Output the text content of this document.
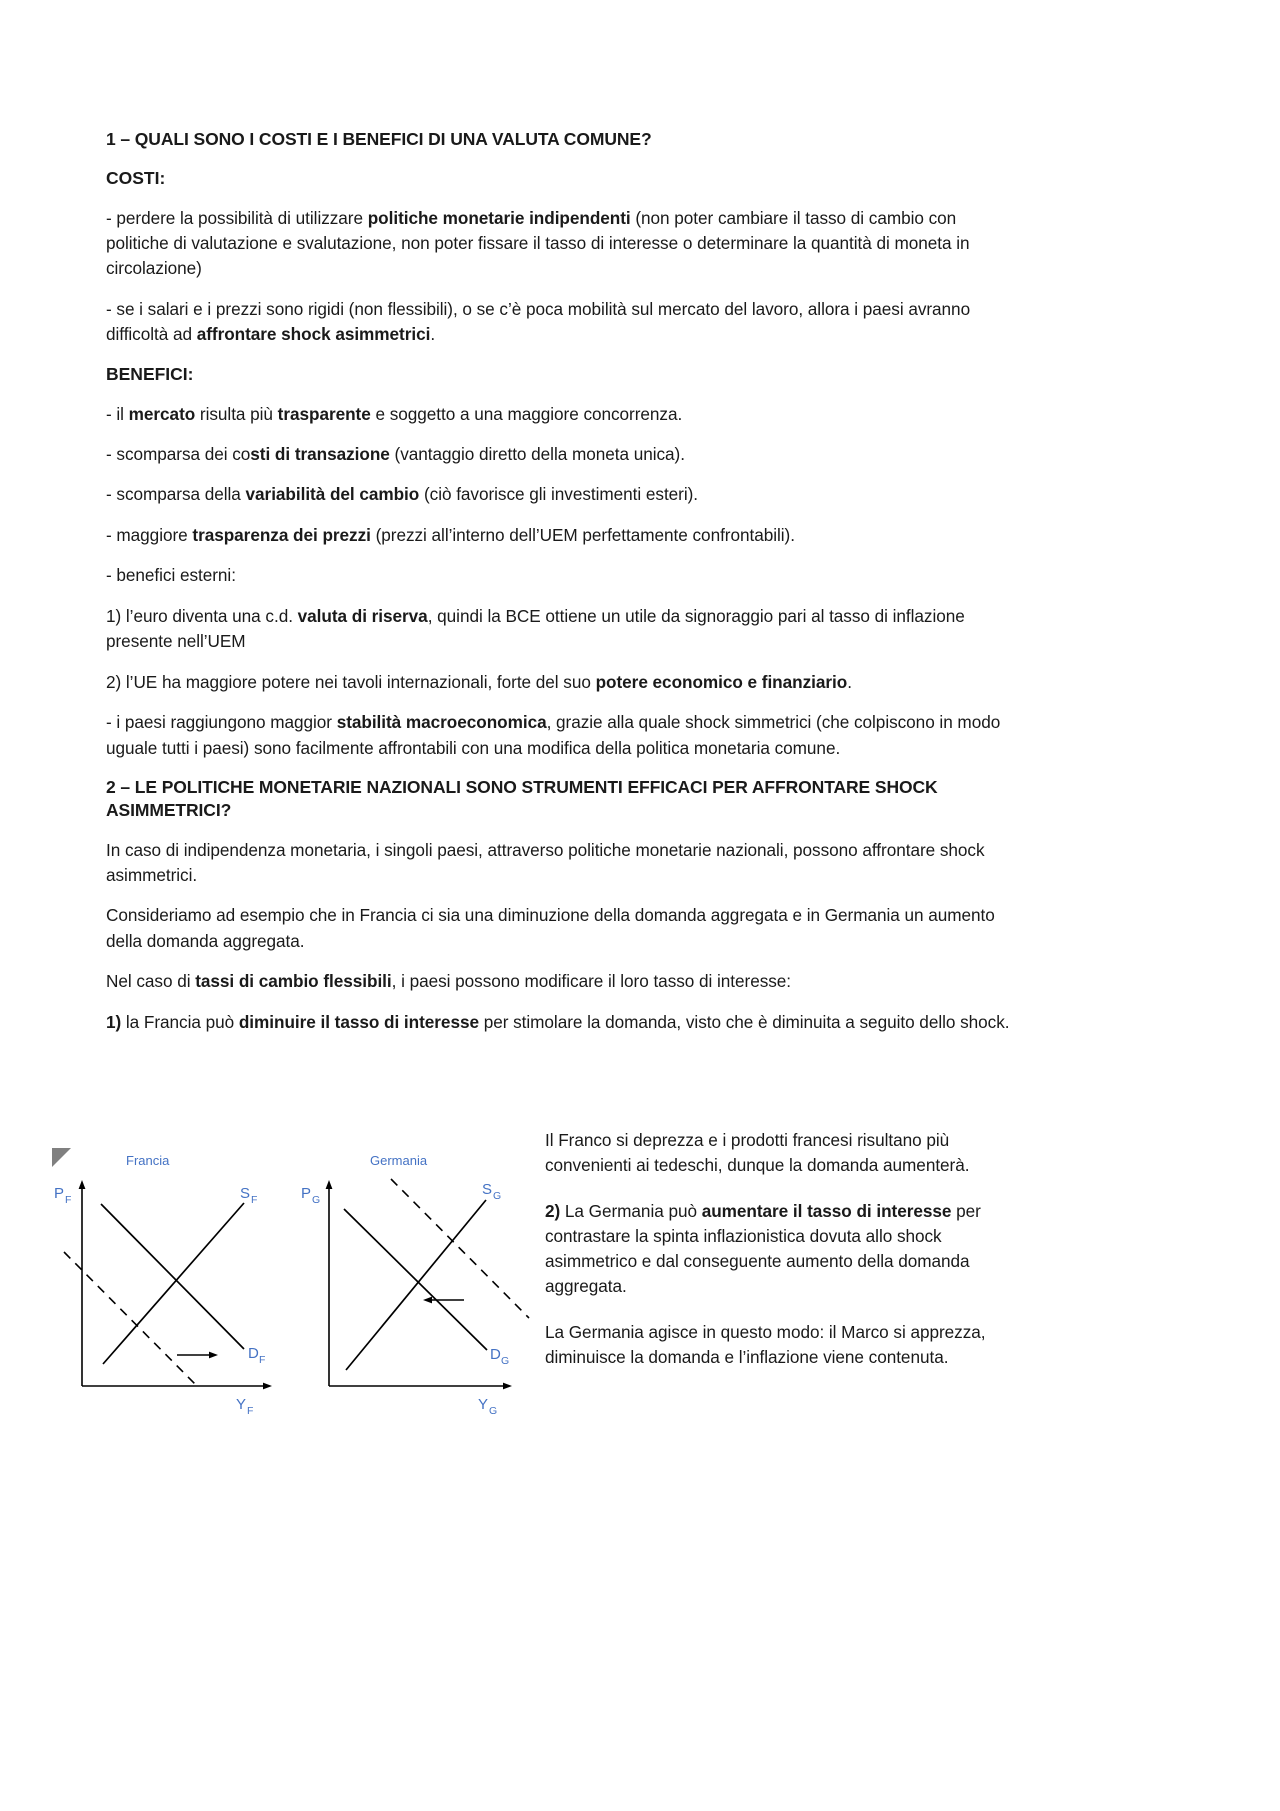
1 – QUALI SONO I COSTI E I BENEFICI DI UNA VALUTA COMUNE?
COSTI:

- perdere la possibilità di utilizzare politiche monetarie indipendenti (non poter cambiare il tasso di cambio con politiche di valutazione e svalutazione, non poter fissare il tasso di interesse o determinare la quantità di moneta in circolazione)

- se i salari e i prezzi sono rigidi (non flessibili), o se c’è poca mobilità sul mercato del lavoro, allora i paesi avranno difficoltà ad affrontare shock asimmetrici.

BENEFICI:

- il mercato risulta più trasparente e soggetto a una maggiore concorrenza.

- scomparsa dei costi di transazione (vantaggio diretto della moneta unica).

- scomparsa della variabilità del cambio (ciò favorisce gli investimenti esteri).

- maggiore trasparenza dei prezzi (prezzi all’interno dell’UEM perfettamente confrontabili).

- benefici esterni:

1) l’euro diventa una c.d. valuta di riserva, quindi la BCE ottiene un utile da signoraggio pari al tasso di inflazione presente nell’UEM

2) l’UE ha maggiore potere nei tavoli internazionali, forte del suo potere economico e finanziario.

- i paesi raggiungono maggior stabilità macroeconomica, grazie alla quale shock simmetrici (che colpiscono in modo uguale tutti i paesi) sono facilmente affrontabili con una modifica della politica monetaria comune.

2 – LE POLITICHE MONETARIE NAZIONALI SONO STRUMENTI EFFICACI PER AFFRONTARE SHOCK ASIMMETRICI?

In caso di indipendenza monetaria, i singoli paesi, attraverso politiche monetarie nazionali, possono affrontare shock asimmetrici.

Consideriamo ad esempio che in Francia ci sia una diminuzione della domanda aggregata e in Germania un aumento della domanda aggregata.

Nel caso di tassi di cambio flessibili, i paesi possono modificare il loro tasso di interesse:

1) la Francia può diminuire il tasso di interesse per stimolare la domanda, visto che è diminuita a seguito dello shock.

Francia
P F
Y F
S F
D F
Germania
P G
Y G
S G
D G

Il Franco si deprezza e i prodotti francesi risultano più convenienti ai tedeschi, dunque la domanda aumenterà.

2) La Germania può aumentare il tasso di interesse per contrastare la spinta inflazionistica dovuta allo shock asimmetrico e dal conseguente aumento della domanda aggregata.

La Germania agisce in questo modo: il Marco si apprezza, diminuisce la domanda e l’inflazione viene contenuta.
